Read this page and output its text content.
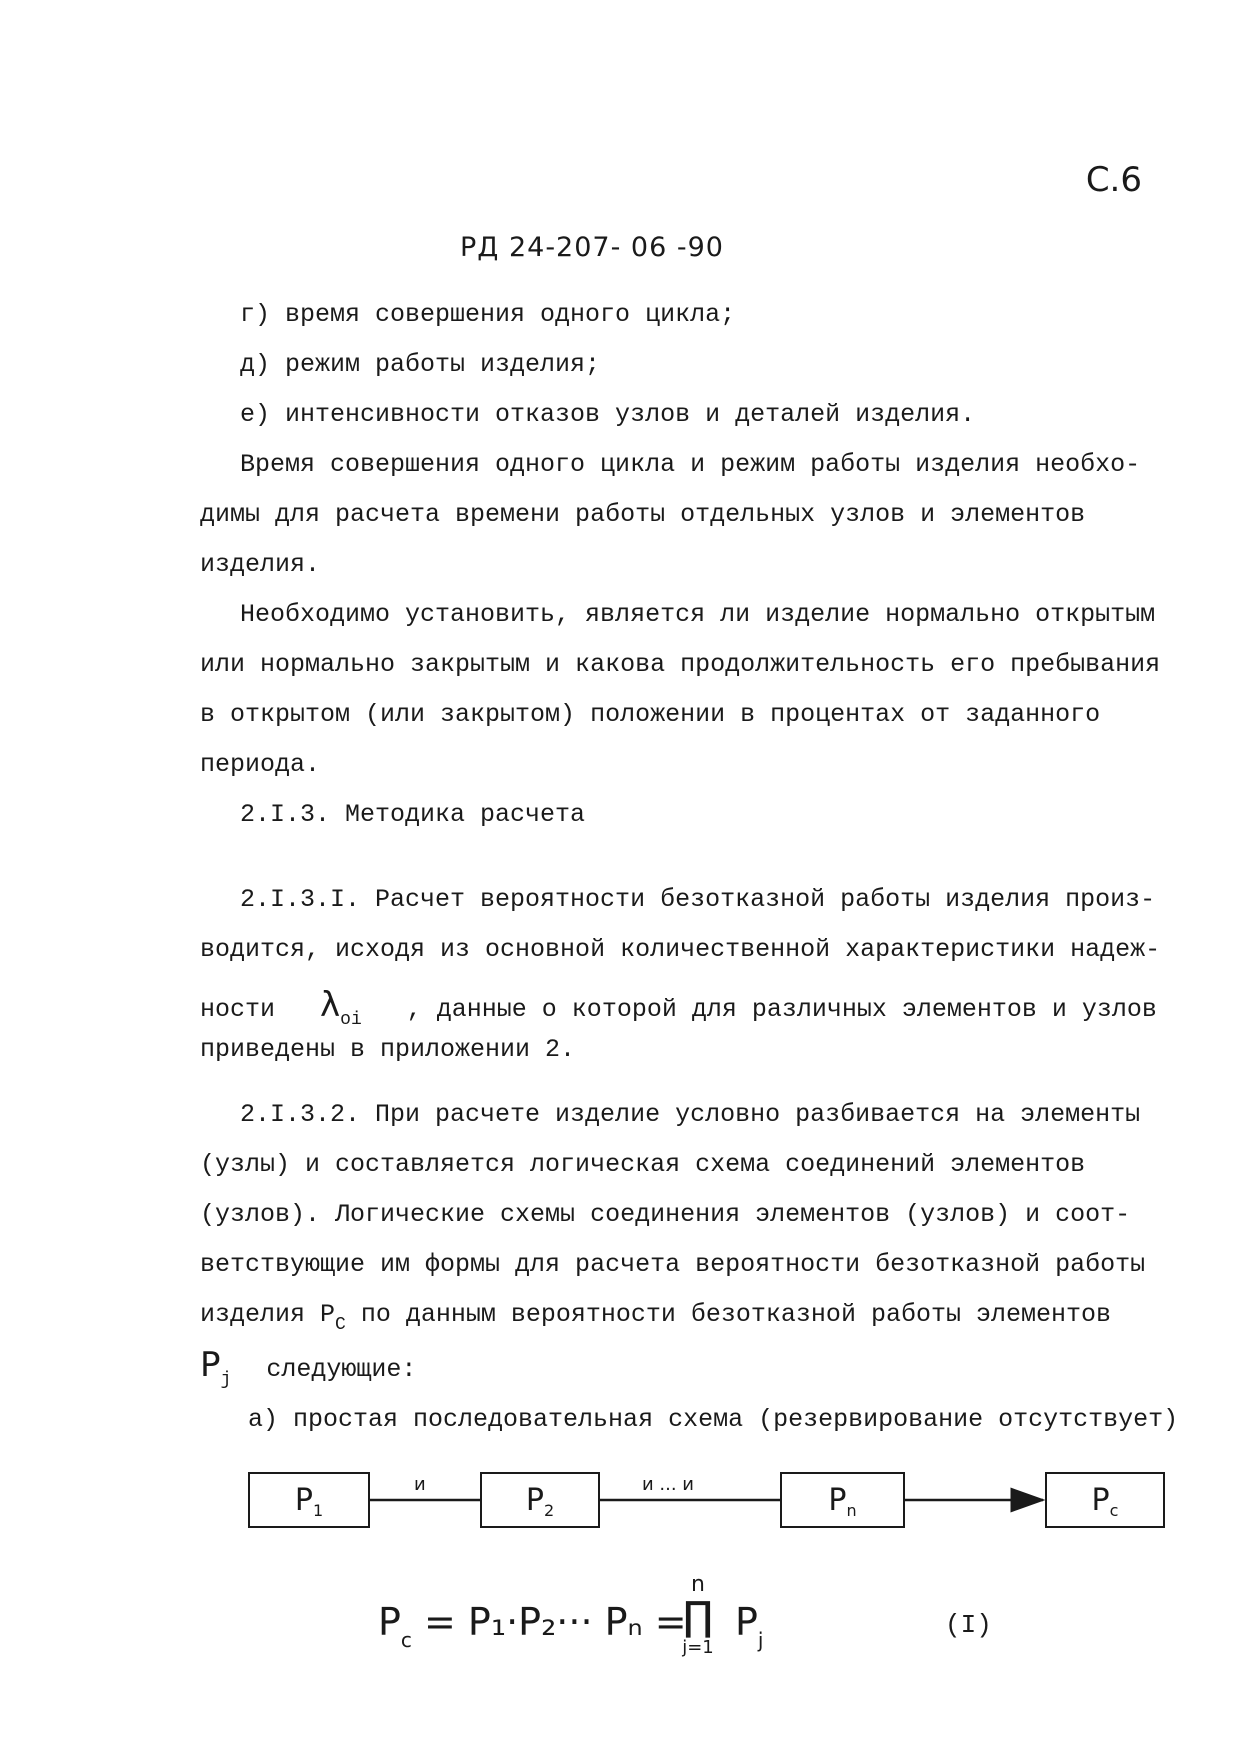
С.6
РД 24-207- 06 -90
г) время совершения одного цикла;
д) режим работы изделия;
е) интенсивности отказов узлов и деталей изделия.
Время совершения одного цикла и режим работы изделия необхо-
димы для расчета времени работы отдельных узлов и элементов
изделия.
Необходимо установить, является ли изделие нормально открытым
или нормально закрытым и какова продолжительность его пребывания
в открытом (или закрытом) положении в процентах от заданного
периода.
2.I.3. Методика расчета
2.I.3.I. Расчет вероятности безотказной работы изделия произ-
водится, исходя из основной количественной характеристики надеж-
ности $\lambda_{oi}$ , данные о которой для различных элементов и узлов
приведены в приложении 2.
2.I.3.2. При расчете изделие условно разбивается на элементы
(узлы) и составляется логическая схема соединений элементов
(узлов). Логические схемы соединения элементов (узлов) и соот-
ветствующие им формы для расчета вероятности безотказной работы
изделия $P_C$ по данным вероятности безотказной работы элементов
$P_j$ следующие:
а) простая последовательная схема (резервирование отсутствует)
P 1	P 2	P n	P c
и	и ... и
$P_c = P_1\cdot P_2\cdot\cdot\cdot P_n$ =
n
∏
j=1
$P_j$	(I)
